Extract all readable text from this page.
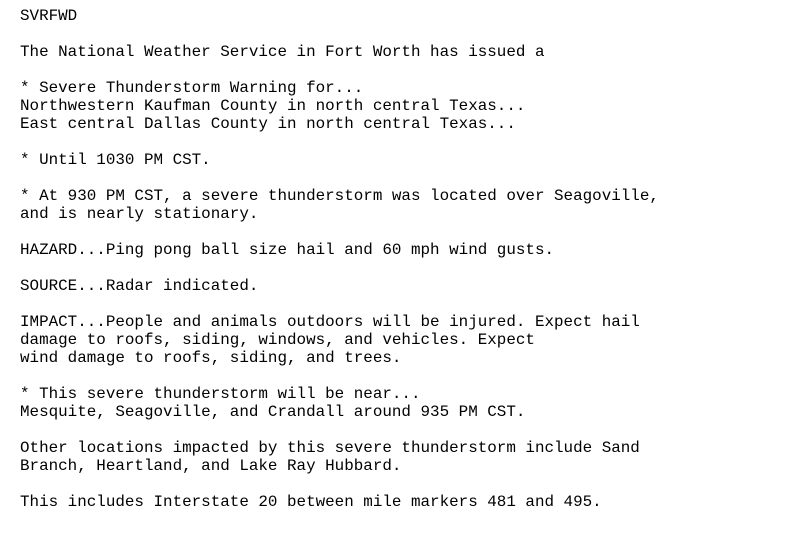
SVRFWD
The National Weather Service in Fort Worth has issued a
* Severe Thunderstorm Warning for...
Northwestern Kaufman County in north central Texas...
East central Dallas County in north central Texas...
* Until 1030 PM CST.
* At 930 PM CST, a severe thunderstorm was located over Seagoville,
and is nearly stationary.
HAZARD...Ping pong ball size hail and 60 mph wind gusts.
SOURCE...Radar indicated.
IMPACT...People and animals outdoors will be injured. Expect hail
damage to roofs, siding, windows, and vehicles. Expect
wind damage to roofs, siding, and trees.
* This severe thunderstorm will be near...
Mesquite, Seagoville, and Crandall around 935 PM CST.
Other locations impacted by this severe thunderstorm include Sand
Branch, Heartland, and Lake Ray Hubbard.
This includes Interstate 20 between mile markers 481 and 495.
